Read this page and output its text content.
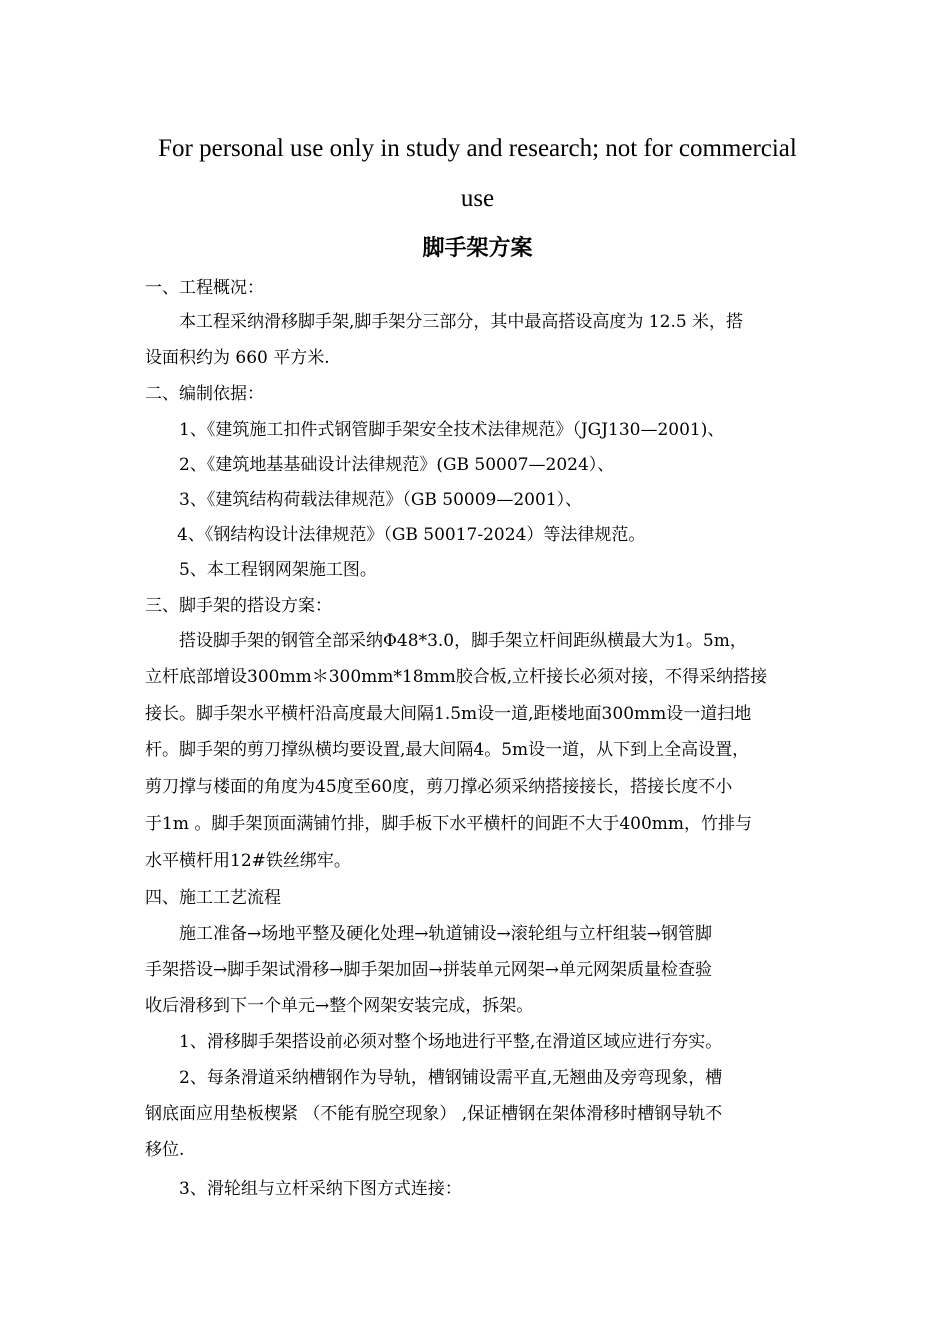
For personal use only in study and research; not for commercial
use
脚手架方案
一、工程概况：
本工程采纳滑移脚手架,脚手架分三部分，其中最高搭设高度为 12.5 米，搭
设面积约为 660 平方米.
二、编制依据：
1、《建筑施工扣件式钢管脚手架安全技术法律规范》（JGJ130—2001)、
2、《建筑地基基础设计法律规范》(GB 50007—2024）、
3、《建筑结构荷载法律规范》（GB 50009—2001）、
4、《钢结构设计法律规范》（GB 50017-2024）等法律规范。
5、本工程钢网架施工图。
三、脚手架的搭设方案：
搭设脚手架的钢管全部采纳Φ48*3.0，脚手架立杆间距纵横最大为1。5m，
立杆底部增设300mm＊300mm*18mm胶合板,立杆接长必须对接，不得采纳搭接
接长。脚手架水平横杆沿高度最大间隔1.5m设一道,距楼地面300mm设一道扫地
杆。脚手架的剪刀撑纵横均要设置,最大间隔4。5m设一道，从下到上全高设置，
剪刀撑与楼面的角度为45度至60度，剪刀撑必须采纳搭接接长，搭接长度不小
于1m 。脚手架顶面满铺竹排，脚手板下水平横杆的间距不大于400mm，竹排与
水平横杆用12#铁丝绑牢。
四、施工工艺流程
施工准备→场地平整及硬化处理→轨道铺设→滚轮组与立杆组装→钢管脚
手架搭设→脚手架试滑移→脚手架加固→拼装单元网架→单元网架质量检查验
收后滑移到下一个单元→整个网架安装完成，拆架。
1、滑移脚手架搭设前必须对整个场地进行平整,在滑道区域应进行夯实。
2、每条滑道采纳槽钢作为导轨，槽钢铺设需平直,无翘曲及旁弯现象，槽
钢底面应用垫板楔紧 （不能有脱空现象） ,保证槽钢在架体滑移时槽钢导轨不
移位.
3、滑轮组与立杆采纳下图方式连接：
